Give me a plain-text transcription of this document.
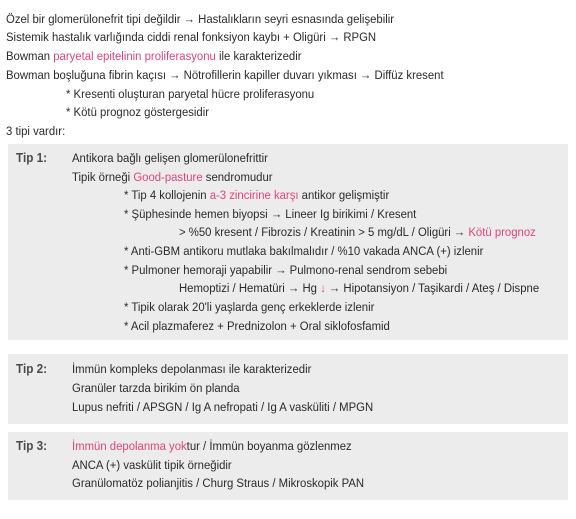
Özel bir glomerülonefrit tipi değildir → Hastalıkların seyri esnasında gelişebilir
Sistemik hastalık varlığında ciddi renal fonksiyon kaybı + Oligüri → RPGN
Bowman paryetal epitelinin proliferasyonu ile karakterizedir
Bowman boşluğuna fibrin kaçısı → Nötrofillerin kapiller duvarı yıkması → Diffüz kresent
* Kresenti oluşturan paryetal hücre proliferasyonu
* Kötü prognoz göstergesidir
3 tipi vardır:
Tip 1: Antikora bağlı gelişen glomerülonefrittir
Tipik örneği Good-pasture sendromudur
* Tip 4 kollojenin a-3 zincirine karşı antikor gelişmiştir
* Şüphesinde hemen biyopsi → Lineer Ig birikimi / Kresent
> %50 kresent / Fibrozis / Kreatinin > 5 mg/dL / Oligüri → Kötü prognoz
* Anti-GBM antikoru mutlaka bakılmalıdır / %10 vakada ANCA (+) izlenir
* Pulmoner hemoraji yapabilir → Pulmono-renal sendrom sebebi
Hemoptizi / Hematüri → Hg ↓ → Hipotansiyon / Taşikardi / Ateş / Dispne
* Tipik olarak 20'li yaşlarda genç erkeklerde izlenir
* Acil plazmaferez + Prednizolon + Oral siklofosfamid
Tip 2: İmmün kompleks depolanması ile karakterizedir
Granüler tarzda birikim ön planda
Lupus nefriti / APSGN / Ig A nefropati / Ig A vasküliti / MPGN
Tip 3: İmmün depolanma yoktur / İmmün boyanma gözlenmez
ANCA (+) vaskülit tipik örneğidir
Granülomatöz polianjitis / Churg Straus / Mikroskopik PAN
